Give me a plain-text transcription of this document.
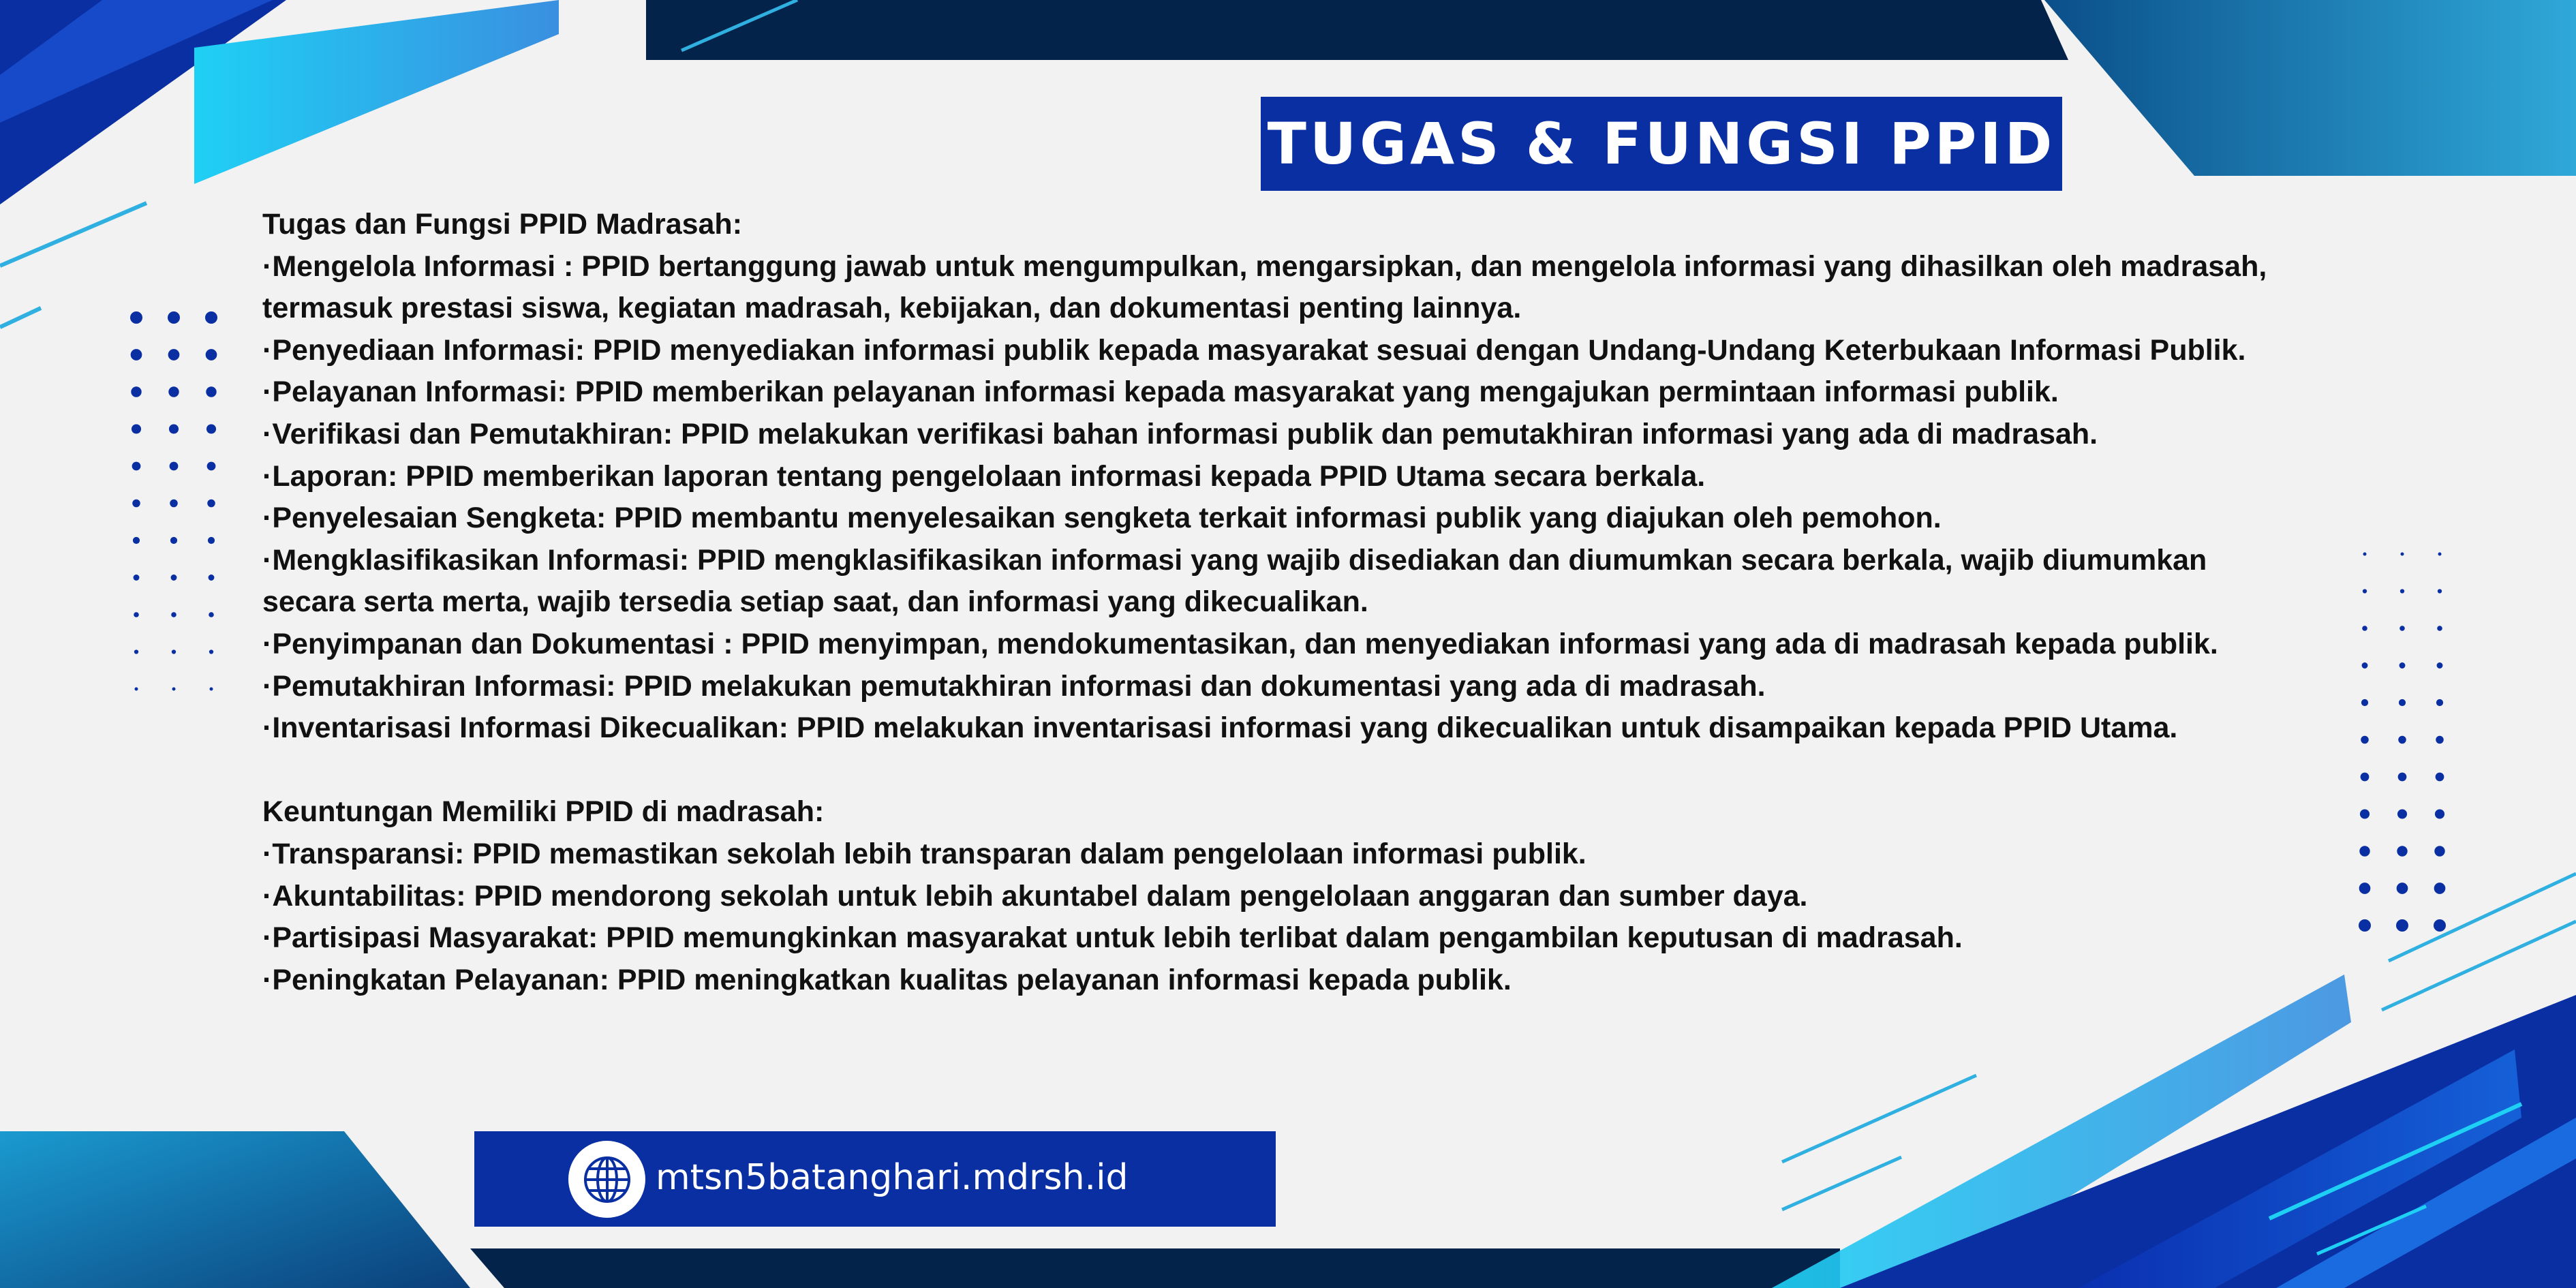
TUGAS & FUNGSI PPID
Tugas dan Fungsi PPID Madrasah:
·Mengelola Informasi : PPID bertanggung jawab untuk mengumpulkan, mengarsipkan, dan mengelola informasi yang dihasilkan oleh madrasah, termasuk prestasi siswa, kegiatan madrasah, kebijakan, dan dokumentasi penting lainnya.
·Penyediaan Informasi: PPID menyediakan informasi publik kepada masyarakat sesuai dengan Undang-Undang Keterbukaan Informasi Publik.
·Pelayanan Informasi: PPID memberikan pelayanan informasi kepada masyarakat yang mengajukan permintaan informasi publik.
·Verifikasi dan Pemutakhiran: PPID melakukan verifikasi bahan informasi publik dan pemutakhiran informasi yang ada di madrasah.
·Laporan: PPID memberikan laporan tentang pengelolaan informasi kepada PPID Utama secara berkala.
·Penyelesaian Sengketa: PPID membantu menyelesaikan sengketa terkait informasi publik yang diajukan oleh pemohon.
·Mengklasifikasikan Informasi: PPID mengklasifikasikan informasi yang wajib disediakan dan diumumkan secara berkala, wajib diumumkan secara serta merta, wajib tersedia setiap saat, dan informasi yang dikecualikan.
·Penyimpanan dan Dokumentasi : PPID menyimpan, mendokumentasikan, dan menyediakan informasi yang ada di madrasah kepada publik.
·Pemutakhiran Informasi: PPID melakukan pemutakhiran informasi dan dokumentasi yang ada di madrasah.
·Inventarisasi Informasi Dikecualikan: PPID melakukan inventarisasi informasi yang dikecualikan untuk disampaikan kepada PPID Utama.
Keuntungan Memiliki PPID di madrasah:
·Transparansi: PPID memastikan sekolah lebih transparan dalam pengelolaan informasi publik.
·Akuntabilitas: PPID mendorong sekolah untuk lebih akuntabel dalam pengelolaan anggaran dan sumber daya.
·Partisipasi Masyarakat: PPID memungkinkan masyarakat untuk lebih terlibat dalam pengambilan keputusan di madrasah.
·Peningkatan Pelayanan: PPID meningkatkan kualitas pelayanan informasi kepada publik.
mtsn5batanghari.mdrsh.id
